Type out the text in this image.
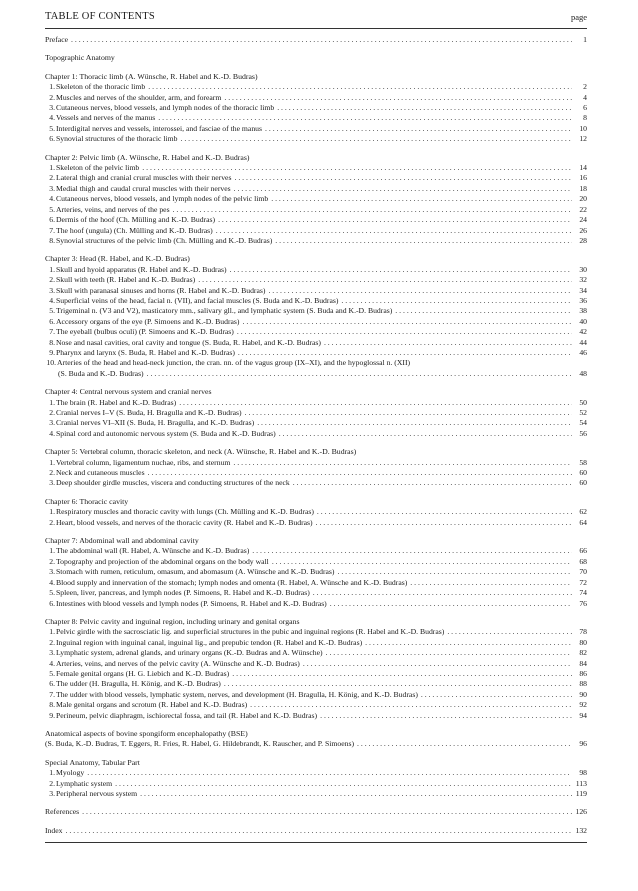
TABLE OF CONTENTS	page
Preface . . .	1
Topographic Anatomy
Chapter 1: Thoracic limb (A. Wünsche, R. Habel and K.-D. Budras)
1. Skeleton of the thoracic limb . . .	2
2. Muscles and nerves of the shoulder, arm, and forearm . . .	4
3. Cutaneous nerves, blood vessels, and lymph nodes of the thoracic limb . . .	6
4. Vessels and nerves of the manus . . .	8
5. Interdigital nerves and vessels, interossei, and fasciae of the manus . . .	10
6. Synovial structures of the thoracic limb . . .	12
Chapter 2: Pelvic limb (A. Wünsche, R. Habel and K.-D. Budras)
1. Skeleton of the pelvic limb . . .	14
2. Lateral thigh and cranial crural muscles with their nerves . . .	16
3. Medial thigh and caudal crural muscles with their nerves . . .	18
4. Cutaneous nerves, blood vessels, and lymph nodes of the pelvic limb . . .	20
5. Arteries, veins, and nerves of the pes . . .	22
6. Dermis of the hoof (Ch. Mülling and K.-D. Budras) . . .	24
7. The hoof (ungula) (Ch. Mülling and K.-D. Budras) . . .	26
8. Synovial structures of the pelvic limb (Ch. Mülling and K.-D. Budras) . . .	28
Chapter 3: Head (R. Habel, and K.-D. Budras)
1. Skull and hyoid apparatus (R. Habel and K.-D. Budras) . . .	30
2. Skull with teeth (R. Habel and K.-D. Budras) . . .	32
3. Skull with paranasal sinuses and horns (R. Habel and K.-D. Budras) . . .	34
4. Superficial veins of the head, facial n. (VII), and facial muscles (S. Buda and K.-D. Budras) . . .	36
5. Trigeminal n. (V3 and V2), masticatory mm., salivary gll., and lymphatic system (S. Buda and K.-D. Budras) . . .	38
6. Accessory organs of the eye (P. Simoens and K.-D. Budras) . . .	40
7. The eyeball (bulbus oculi) (P. Simoens and K.-D. Budras) . . .	42
8. Nose and nasal cavities, oral cavity and tongue (S. Buda, R. Habel, and K.-D. Budras) . . .	44
9. Pharynx and larynx (S. Buda, R. Habel and K.-D. Budras) . . .	46
10. Arteries of the head and head-neck junction, the cran. nn. of the vagus group (IX–XI), and the hypoglossal n. (XII)
(S. Buda and K.-D. Budras) . . .	48
Chapter 4: Central nervous system and cranial nerves
1. The brain (R. Habel and K.-D. Budras) . . .	50
2. Cranial nerves I–V (S. Buda, H. Bragulla and K.-D. Budras) . . .	52
3. Cranial nerves VI–XII (S. Buda, H. Bragulla, and K.-D. Budras) . . .	54
4. Spinal cord and autonomic nervous system (S. Buda and K.-D. Budras) . . .	56
Chapter 5: Vertebral column, thoracic skeleton, and neck (A. Wünsche, R. Habel and K.-D. Budras)
1. Vertebral column, ligamentum nuchae, ribs, and sternum . . .	58
2. Neck and cutaneous muscles . . .	60
3. Deep shoulder girdle muscles, viscera and conducting structures of the neck . . .	60
Chapter 6: Thoracic cavity
1. Respiratory muscles and thoracic cavity with lungs (Ch. Mülling and K.-D. Budras) . . .	62
2. Heart, blood vessels, and nerves of the thoracic cavity (R. Habel and K.-D. Budras) . . .	64
Chapter 7: Abdominal wall and abdominal cavity
1. The abdominal wall (R. Habel, A. Wünsche and K.-D. Budras) . . .	66
2. Topography and projection of the abdominal organs on the body wall . . .	68
3. Stomach with rumen, reticulum, omasum, and abomasum (A. Wünsche and K.-D. Budras) . . .	70
4. Blood supply and innervation of the stomach; lymph nodes and omenta (R. Habel, A. Wünsche and K.-D. Budras) . . .	72
5. Spleen, liver, pancreas, and lymph nodes (P. Simoens, R. Habel and K.-D. Budras) . . .	74
6. Intestines with blood vessels and lymph nodes (P. Simoens, R. Habel and K.-D. Budras) . . .	76
Chapter 8: Pelvic cavity and inguinal region, including urinary and genital organs
1. Pelvic girdle with the sacrosciatic lig. and superficial structures in the pubic and inguinal regions (R. Habel and K.-D. Budras) . . .	78
2. Inguinal region with inguinal canal, inguinal lig., and prepubic tendon (R. Habel and K.-D. Budras) . . .	80
3. Lymphatic system, adrenal glands, and urinary organs (K.-D. Budras and A. Wünsche) . . .	82
4. Arteries, veins, and nerves of the pelvic cavity (A. Wünsche and K.-D. Budras) . . .	84
5. Female genital organs (H. G. Liebich and K.-D. Budras) . . .	86
6. The udder (H. Bragulla, H. König, and K.-D. Budras) . . .	88
7. The udder with blood vessels, lymphatic system, nerves, and development (H. Bragulla, H. König, and K.-D. Budras) . . .	90
8. Male genital organs and scrotum (R. Habel and K.-D. Budras) . . .	92
9. Perineum, pelvic diaphragm, ischiorectal fossa, and tail (R. Habel and K.-D. Budras) . . .	94
Anatomical aspects of bovine spongiform encephalopathy (BSE)
(S. Buda, K.-D. Budras, T. Eggers, R. Fries, R. Habel, G. Hildebrandt, K. Rauscher, and P. Simoens) . . .	96
Special Anatomy, Tabular Part
1. Myology . . .	98
2. Lymphatic system . . .	113
3. Peripheral nervous system . . .	119
References . . .	126
Index . . .	132
